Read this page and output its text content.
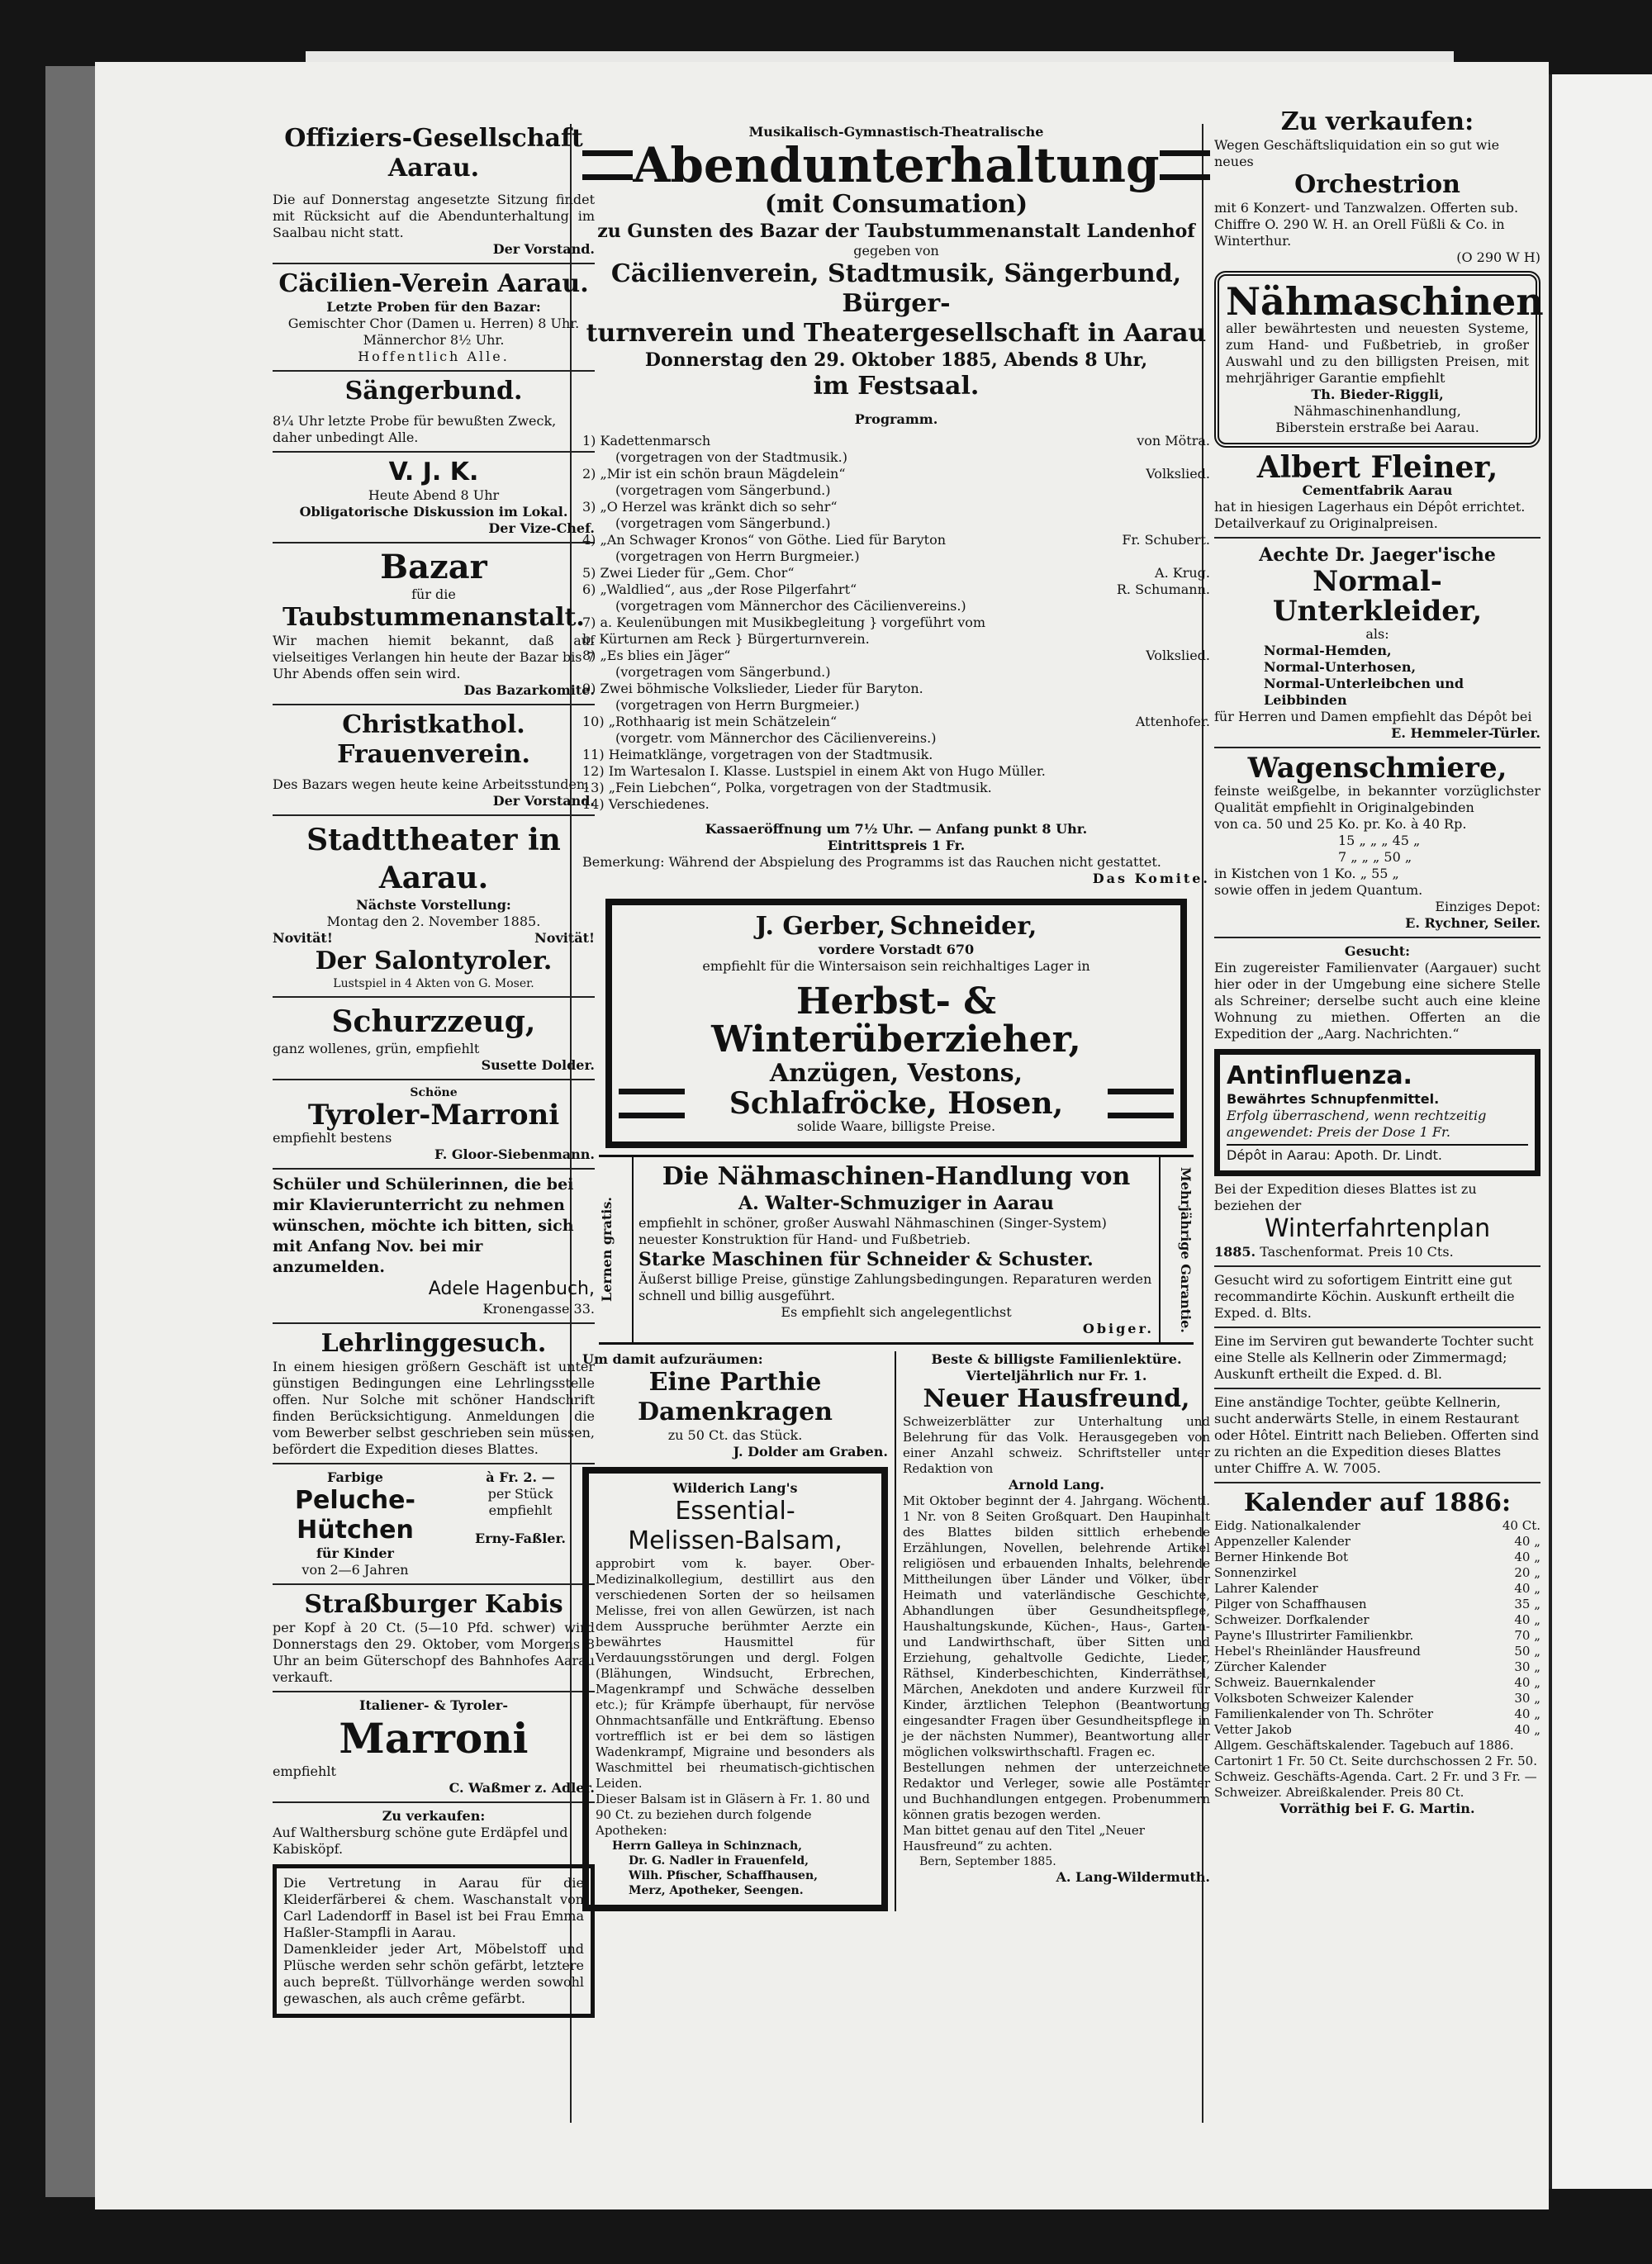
Offiziers-Gesellschaft Aarau.
Die auf Donnerstag angesetzte Sitzung findet mit Rücksicht auf die Abendunterhaltung im Saalbau nicht statt.
Der Vorstand.
Cäcilien-Verein Aarau.
Letzte Proben für den Bazar:
Gemischter Chor (Damen u. Herren) 8 Uhr.
Männerchor 8½ Uhr.
Hoffentlich Alle.
Sängerbund.
8¼ Uhr letzte Probe für bewußten Zweck, daher unbedingt Alle.
V. J. K.
Heute Abend 8 Uhr
Obligatorische Diskussion im Lokal.
Der Vize-Chef.
Bazar
für die
Taubstummenanstalt.
Wir machen hiemit bekannt, daß auf vielseitiges Verlangen hin heute der Bazar bis 7 Uhr Abends offen sein wird.
Das Bazarkomite.
Christkathol. Frauenverein.
Des Bazars wegen heute keine Arbeitsstunden.
Der Vorstand.
Stadttheater in Aarau.
Nächste Vorstellung:
Montag den 2. November 1885.
Novität!	Novität!
Der Salontyroler.
Lustspiel in 4 Akten von G. Moser.
Schurzzeug,
ganz wollenes, grün, empfiehlt
Susette Dolder.
Schöne
Tyroler-Marroni
empfiehlt bestens
F. Gloor-Siebenmann.
Schüler und Schülerinnen, die bei mir Klavierunterricht zu nehmen wünschen, möchte ich bitten, sich mit Anfang Nov. bei mir anzumelden.
Adele Hagenbuch,
Kronengasse 33.
Lehrlinggesuch.
In einem hiesigen größern Geschäft ist unter günstigen Bedingungen eine Lehrlingsstelle offen. Nur Solche mit schöner Handschrift finden Berücksichtigung. Anmeldungen die vom Bewerber selbst geschrieben sein müssen, befördert die Expedition dieses Blattes.
Farbige
Peluche-
Hütchen
für Kinder
von 2—6 Jahren
à Fr. 2. —
per Stück
empfiehlt
Erny-Faßler.
Straßburger Kabis
per Kopf à 20 Ct. (5—10 Pfd. schwer) wird Donnerstags den 29. Oktober, vom Morgens 8 Uhr an beim Güterschopf des Bahnhofes Aarau verkauft.
Italiener- & Tyroler-
Marroni
empfiehlt
C. Waßmer z. Adler.
Zu verkaufen:
Auf Walthersburg schöne gute Erdäpfel und Kabisköpf.
Die Vertretung in Aarau für die Kleiderfärberei & chem. Waschanstalt von Carl Ladendorff in Basel ist bei Frau Emma Haßler-Stampfli in Aarau.
Damenkleider jeder Art, Möbelstoff und Plüsche werden sehr schön gefärbt, letztere auch bepreßt. Tüllvorhänge werden sowohl gewaschen, als auch crême gefärbt.
Musikalisch-Gymnastisch-Theatralische
Abendunterhaltung
(mit Consumation)
zu Gunsten des Bazar der Taubstummenanstalt Landenhof
gegeben von
Cäcilienverein, Stadtmusik, Sängerbund, Bürger-
turnverein und Theatergesellschaft in Aarau
Donnerstag den 29. Oktober 1885, Abends 8 Uhr,
im Festsaal.
Programm.
1) Kadettenmarsch	von Mötra.
(vorgetragen von der Stadtmusik.)
2) „Mir ist ein schön braun Mägdelein“	Volkslied.
(vorgetragen vom Sängerbund.)
3) „O Herzel was kränkt dich so sehr“
(vorgetragen vom Sängerbund.)
4) „An Schwager Kronos“ von Göthe. Lied für Baryton	Fr. Schubert.
(vorgetragen von Herrn Burgmeier.)
5) Zwei Lieder für „Gem. Chor“	A. Krug.
6) „Waldlied“, aus „der Rose Pilgerfahrt“	R. Schumann.
(vorgetragen vom Männerchor des Cäcilienvereins.)
7) a. Keulenübungen mit Musikbegleitung } vorgeführt vom
b. Kürturnen am Reck } Bürgerturnverein.
8) „Es blies ein Jäger“	Volkslied.
(vorgetragen vom Sängerbund.)
9) Zwei böhmische Volkslieder, Lieder für Baryton.
(vorgetragen von Herrn Burgmeier.)
10) „Rothhaarig ist mein Schätzelein“	Attenhofer.
(vorgetr. vom Männerchor des Cäcilienvereins.)
11) Heimatklänge, vorgetragen von der Stadtmusik.
12) Im Wartesalon I. Klasse. Lustspiel in einem Akt von Hugo Müller.
13) „Fein Liebchen“, Polka, vorgetragen von der Stadtmusik.
14) Verschiedenes.
Kassaeröffnung um 7½ Uhr. — Anfang punkt 8 Uhr.
Eintrittspreis 1 Fr.
Bemerkung: Während der Abspielung des Programms ist das Rauchen nicht gestattet.
Das Komite.
J. Gerber, Schneider,
vordere Vorstadt 670
empfiehlt für die Wintersaison sein reichhaltiges Lager in
Herbst- & Winterüberzieher,
Anzügen, Vestons,
Schlafröcke, Hosen,
solide Waare, billigste Preise.
Lernen gratis.
Die Nähmaschinen-Handlung von
A. Walter-Schmuziger in Aarau
empfiehlt in schöner, großer Auswahl Nähmaschinen (Singer-System) neuester Konstruktion für Hand- und Fußbetrieb.
Starke Maschinen für Schneider & Schuster.
Äußerst billige Preise, günstige Zahlungsbedingungen. Reparaturen werden schnell und billig ausgeführt.
Es empfiehlt sich angelegentlichst
Obiger.	Mehrjährige Garantie.
Um damit aufzuräumen:
Eine Parthie Damenkragen
zu 50 Ct. das Stück.
J. Dolder am Graben.
Wilderich Lang's
Essential-
Melissen-Balsam,
approbirt vom k. bayer. Ober-Medizinalkollegium, destillirt aus den verschiedenen Sorten der so heilsamen Melisse, frei von allen Gewürzen, ist nach dem Ausspruche berühmter Aerzte ein bewährtes Hausmittel für Verdauungsstörungen und dergl. Folgen (Blähungen, Windsucht, Erbrechen, Magenkrampf und Schwäche desselben etc.); für Krämpfe überhaupt, für nervöse Ohnmachtsanfälle und Entkräftung. Ebenso vortrefflich ist er bei dem so lästigen Wadenkrampf, Migraine und besonders als Waschmittel bei rheumatisch-gichtischen Leiden.
Dieser Balsam ist in Gläsern à Fr. 1. 80 und 90 Ct. zu beziehen durch folgende Apotheken:
Herrn Galleya in Schinznach,
Dr. G. Nadler in Frauenfeld,
Wilh. Pfischer, Schaffhausen,
Merz, Apotheker, Seengen.
Beste & billigste Familienlektüre.
Vierteljährlich nur Fr. 1.
Neuer Hausfreund,
Schweizerblätter zur Unterhaltung und Belehrung für das Volk. Herausgegeben von einer Anzahl schweiz. Schriftsteller unter Redaktion von
Arnold Lang.
Mit Oktober beginnt der 4. Jahrgang. Wöchentl. 1 Nr. von 8 Seiten Großquart. Den Haupinhalt des Blattes bilden sittlich erhebende Erzählungen, Novellen, belehrende Artikel religiösen und erbauenden Inhalts, belehrende Mittheilungen über Länder und Völker, über Heimath und vaterländische Geschichte, Abhandlungen über Gesundheitspflege, Haushaltungskunde, Küchen-, Haus-, Garten- und Landwirthschaft, über Sitten und Erziehung, gehaltvolle Gedichte, Lieder, Räthsel, Kinderbeschichten, Kinderräthsel, Märchen, Anekdoten und andere Kurzweil für Kinder, ärztlichen Telephon (Beantwortung eingesandter Fragen über Gesundheitspflege in je der nächsten Nummer), Beantwortung aller möglichen volkswirthschaftl. Fragen ec.
Bestellungen nehmen der unterzeichnete Redaktor und Verleger, sowie alle Postämter und Buchhandlungen entgegen. Probenummern können gratis bezogen werden.
Man bittet genau auf den Titel „Neuer Hausfreund“ zu achten.
Bern, September 1885.
A. Lang-Wildermuth.
Zu verkaufen:
Wegen Geschäftsliquidation ein so gut wie neues
Orchestrion
mit 6 Konzert- und Tanzwalzen. Offerten sub. Chiffre O. 290 W. H. an Orell Füßli & Co. in Winterthur.
(O 290 W H)
Nähmaschinen
aller bewährtesten und neuesten Systeme, zum Hand- und Fußbetrieb, in großer Auswahl und zu den billigsten Preisen, mit mehrjähriger Garantie empfiehlt
Th. Bieder-Riggli,
Nähmaschinenhandlung,
Biberstein erstraße bei Aarau.
Albert Fleiner,
Cementfabrik Aarau
hat in hiesigen Lagerhaus ein Dépôt errichtet. Detailverkauf zu Originalpreisen.
Aechte Dr. Jaeger'ische
Normal-Unterkleider,
als:
Normal-Hemden,
Normal-Unterhosen,
Normal-Unterleibchen und
Leibbinden
für Herren und Damen empfiehlt das Dépôt bei
E. Hemmeler-Türler.
Wagenschmiere,
feinste weißgelbe, in bekannter vorzüglichster Qualität empfiehlt in Originalgebinden
von ca. 50 und 25 Ko. pr. Ko. à 40 Rp.
15 „ „ „ 45 „
7 „ „ „ 50 „
in Kistchen von 1 Ko. „ 55 „
sowie offen in jedem Quantum.
Einziges Depot:
E. Rychner, Seiler.
Gesucht:
Ein zugereister Familienvater (Aargauer) sucht hier oder in der Umgebung eine sichere Stelle als Schreiner; derselbe sucht auch eine kleine Wohnung zu miethen. Offerten an die Expedition der „Aarg. Nachrichten.“
Antinfluenza.
Bewährtes Schnupfenmittel.
Erfolg überraschend, wenn rechtzeitig angewendet: Preis der Dose 1 Fr.
Dépôt in Aarau: Apoth. Dr. Lindt.
Bei der Expedition dieses Blattes ist zu beziehen der
Winterfahrtenplan
1885. Taschenformat. Preis 10 Cts.
Gesucht wird zu sofortigem Eintritt eine gut recommandirte Köchin. Auskunft ertheilt die Exped. d. Blts.
Eine im Serviren gut bewanderte Tochter sucht eine Stelle als Kellnerin oder Zimmermagd; Auskunft ertheilt die Exped. d. Bl.
Eine anständige Tochter, geübte Kellnerin, sucht anderwärts Stelle, in einem Restaurant oder Hôtel. Eintritt nach Belieben. Offerten sind zu richten an die Expedition dieses Blattes unter Chiffre A. W. 7005.
Kalender auf 1886:
Eidg. Nationalkalender	40 Ct.
Appenzeller Kalender	40 „
Berner Hinkende Bot	40 „
Sonnenzirkel	20 „
Lahrer Kalender	40 „
Pilger von Schaffhausen	35 „
Schweizer. Dorfkalender	40 „
Payne's Illustrirter Familienkbr.	70 „
Hebel's Rheinländer Hausfreund	50 „
Zürcher Kalender	30 „
Schweiz. Bauernkalender	40 „
Volksboten Schweizer Kalender	30 „
Familienkalender von Th. Schröter	40 „
Vetter Jakob	40 „
Allgem. Geschäftskalender. Tagebuch auf 1886. Cartonirt 1 Fr. 50 Ct. Seite durchschossen 2 Fr. 50. Schweiz. Geschäfts-Agenda. Cart. 2 Fr. und 3 Fr. —
Schweizer. Abreißkalender. Preis 80 Ct.
Vorräthig bei F. G. Martin.
